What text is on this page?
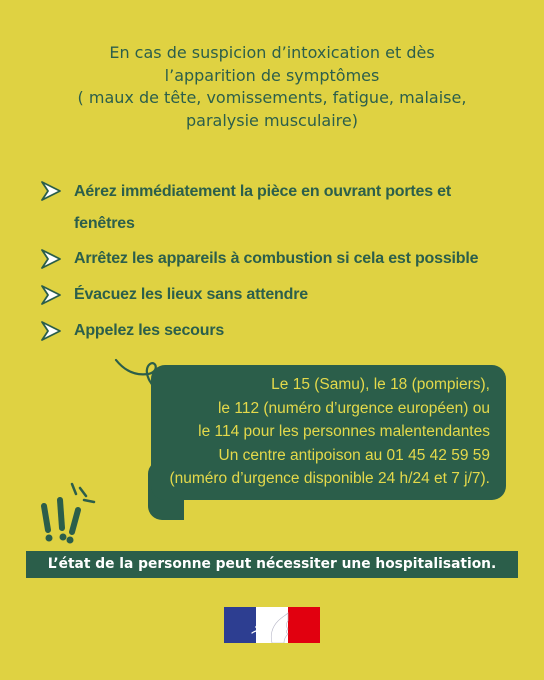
En cas de suspicion d’intoxication et dès
l’apparition de symptômes
( maux de tête, vomissements, fatigue, malaise,
paralysie musculaire)
Aérez immédiatement la pièce en ouvrant portes et
fenêtres
Arrêtez les appareils à combustion si cela est possible
Évacuez les lieux sans attendre
Appelez les secours
Le 15 (Samu), le 18 (pompiers),
le 112 (numéro d’urgence européen) ou
le 114 pour les personnes malentendantes
Un centre antipoison au 01 45 42 59 59
(numéro d’urgence disponible 24 h/24 et 7 j/7).
L’état de la personne peut nécessiter une hospitalisation.
